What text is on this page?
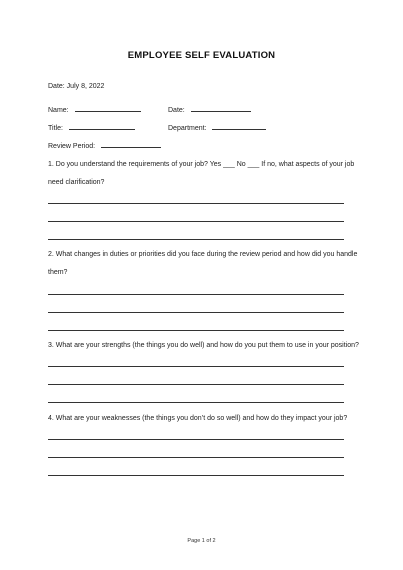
EMPLOYEE SELF EVALUATION
Date: July 8, 2022
Name:	Date:
Title:	Department:
Review Period:
1. Do you understand the requirements of your job? Yes ___ No ___ If no, what aspects of your job
need clarification?
2. What changes in duties or priorities did you face during the review period and how did you handle
them?
3. What are your strengths (the things you do well) and how do you put them to use in your position?
4. What are your weaknesses (the things you don’t do so well) and how do they impact your job?
Page 1 of 2
